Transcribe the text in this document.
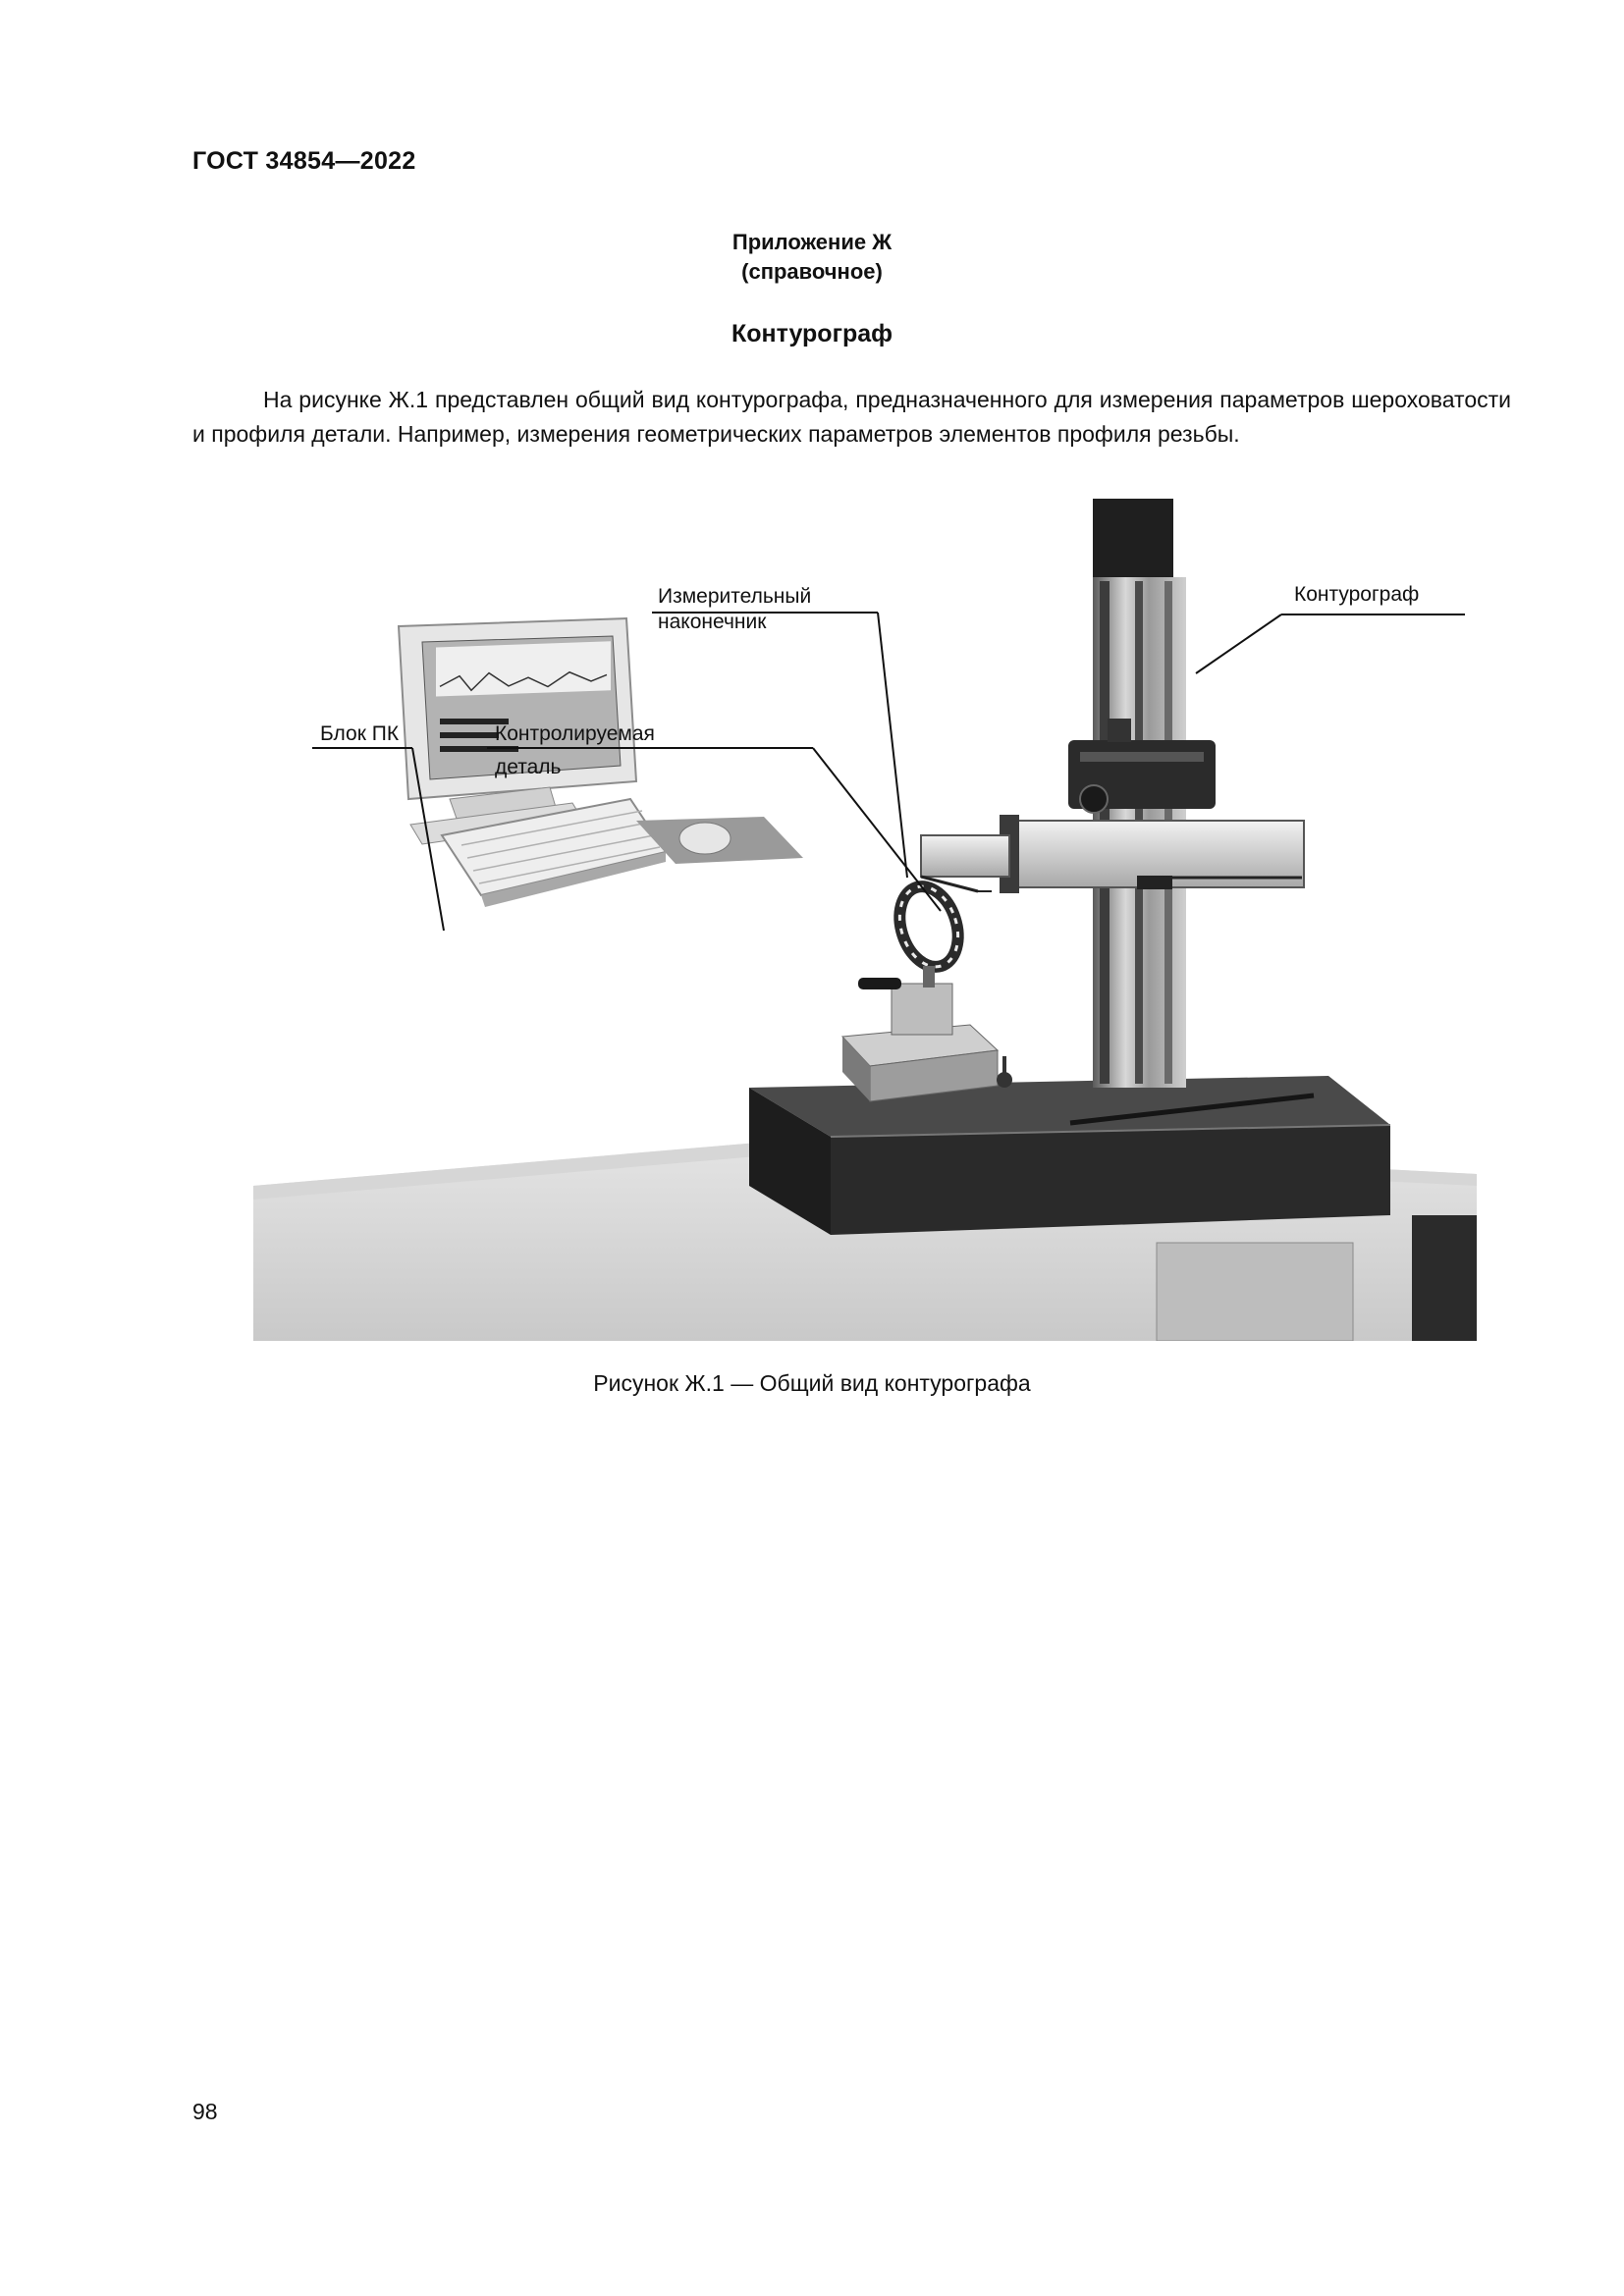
ГОСТ 34854—2022
Приложение Ж
(справочное)
Контурограф

На рисунке Ж.1 представлен общий вид контурографа, предназначенного для измерения параметров шероховатости и профиля детали. Например, измерения геометрических параметров элементов профиля резьбы.

Измерительный
наконечник
Контурограф
Блок ПК	Контролируемая
деталь
Рисунок Ж.1 — Общий вид контурографа
98
